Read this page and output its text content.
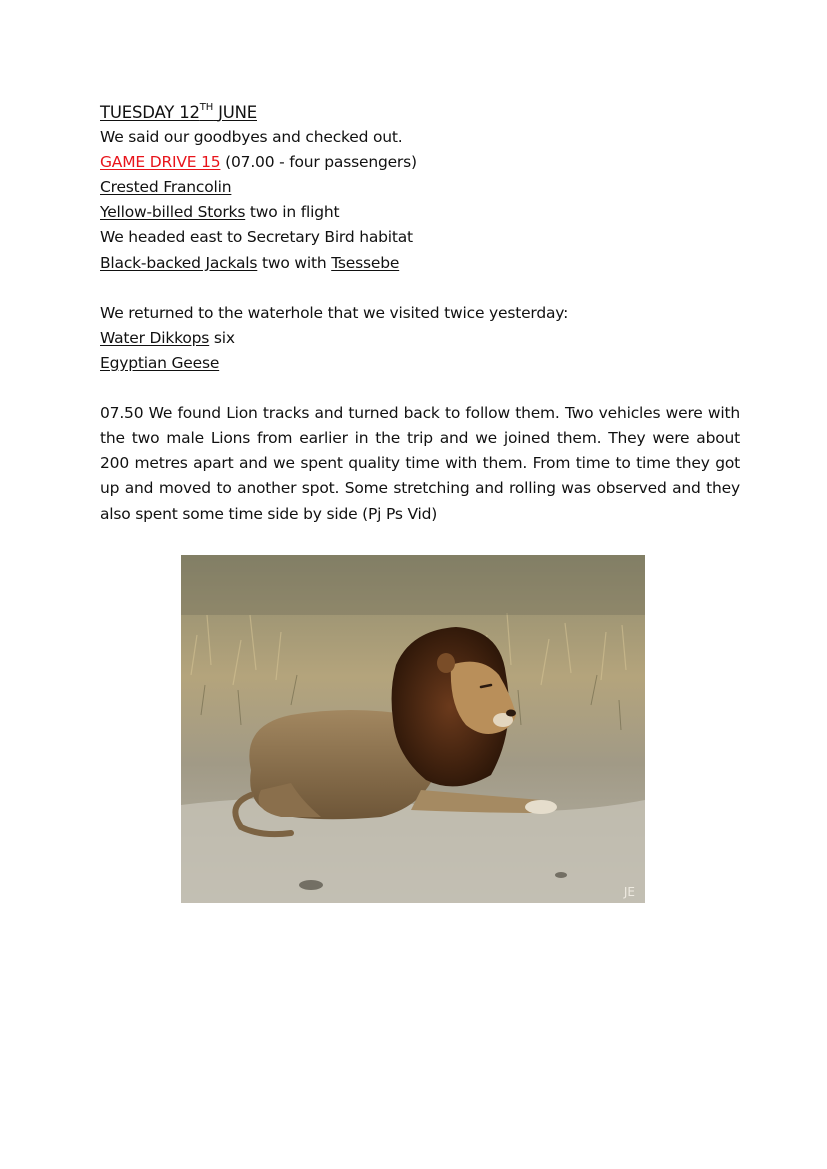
TUESDAY 12TH JUNE
We said our goodbyes and checked out.
GAME DRIVE 15 (07.00 - four passengers)
Crested Francolin
Yellow-billed Storks two in flight
We headed east to Secretary Bird habitat
Black-backed Jackals two with Tsessebe
We returned to the waterhole that we visited twice yesterday:
Water Dikkops six
Egyptian Geese
07.50 We found Lion tracks and turned back to follow them. Two vehicles were with the two male Lions from earlier in the trip and we joined them. They were about 200 metres apart and we spent quality time with them. From time to time they got up and moved to another spot. Some stretching and rolling was observed and they also spent some time side by side (Pj Ps Vid)
JE
